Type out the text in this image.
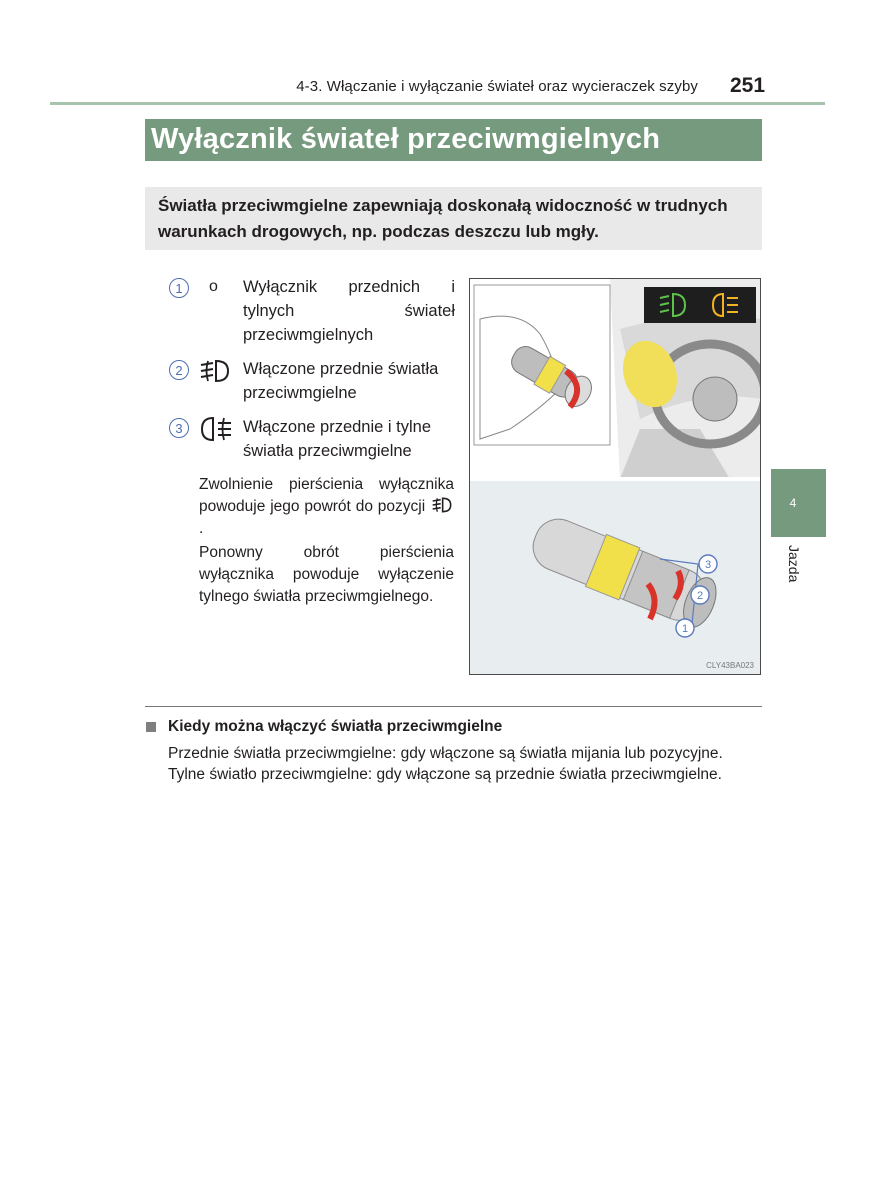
4-3. Włączanie i wyłączanie świateł oraz wycieraczek szyby 251
Wyłącznik świateł przeciwmgielnych
Światła przeciwmgielne zapewniają doskonałą widoczność w trudnych warunkach drogowych, np. podczas deszczu lub mgły.
1	o Wyłącznik przednich i tylnych świateł przeciwmgielnych
2	Włączone przednie światła przeciwmgielne
3	Włączone przednie i tylne światła przeciwmgielne
Zwolnienie pierścienia wyłącznika powoduje jego powrót do pozycji .
Ponowny obrót pierścienia wyłącznika powoduje wyłączenie tylnego światła przeciwmgielnego.
1
2
3
CLY43BA023
4
Jazda
Kiedy można włączyć światła przeciwmgielne
Przednie światła przeciwmgielne: gdy włączone są światła mijania lub pozycyjne.
Tylne światło przeciwmgielne: gdy włączone są przednie światła przeciwmgielne.
